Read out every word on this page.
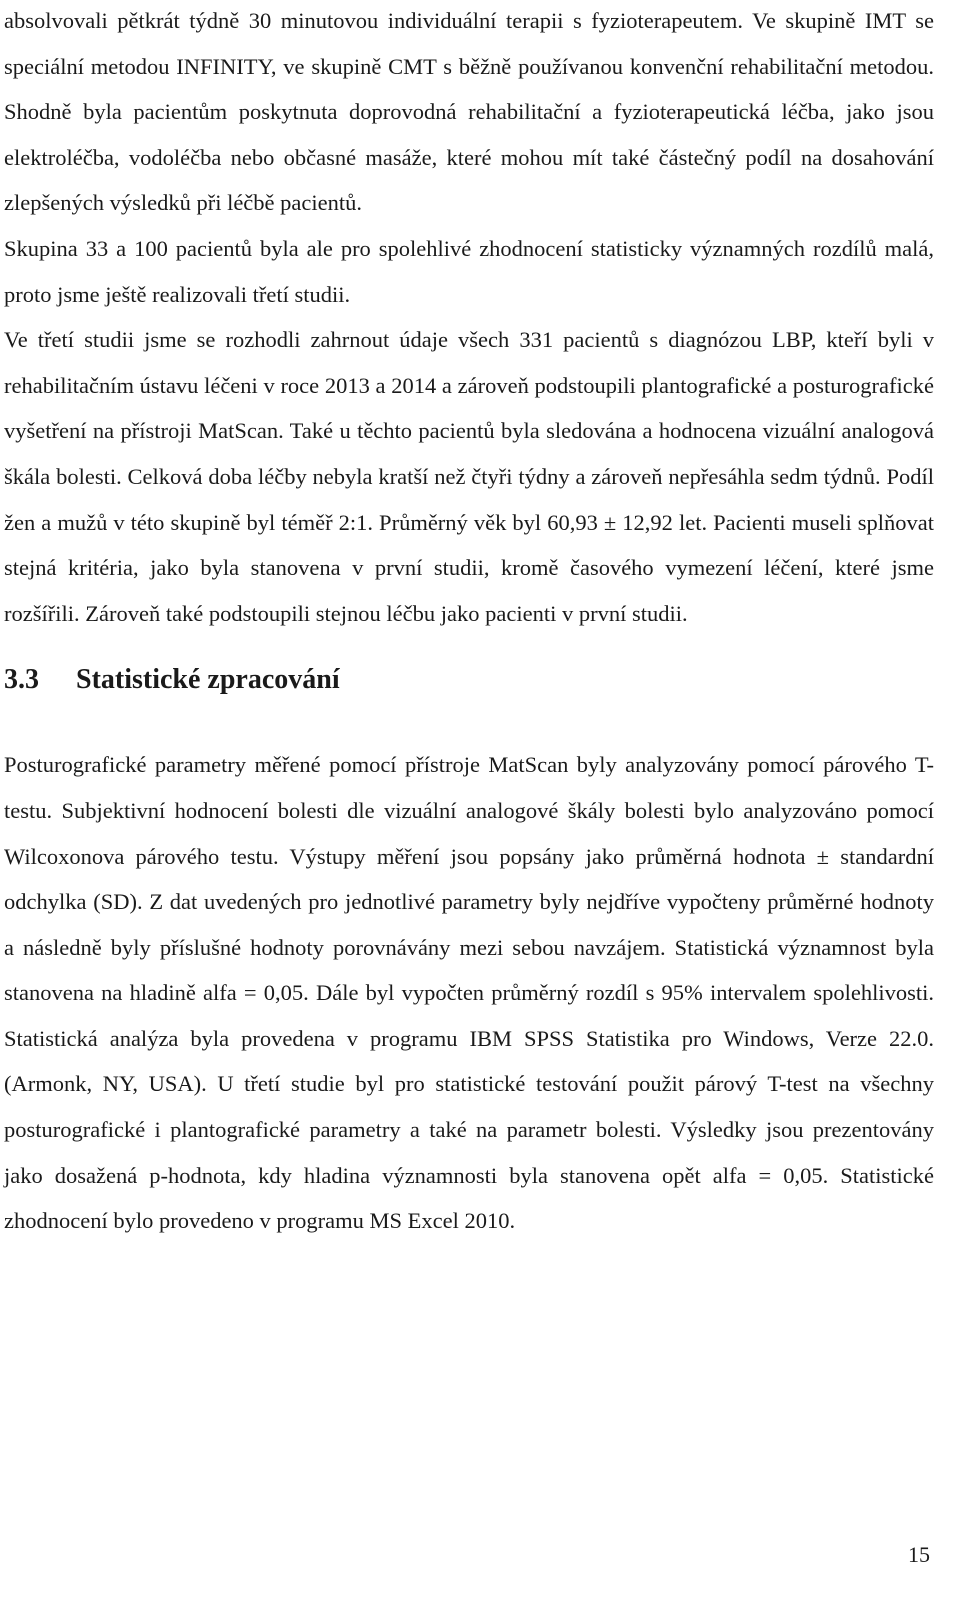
absolvovali pětkrát týdně 30 minutovou individuální terapii s fyzioterapeutem. Ve skupině IMT se speciální metodou INFINITY, ve skupině CMT s běžně používanou konvenční rehabilitační metodou. Shodně byla pacientům poskytnuta doprovodná rehabilitační a fyzioterapeutická léčba, jako jsou elektroléčba, vodoléčba nebo občasné masáže, které mohou mít také částečný podíl na dosahování zlepšených výsledků při léčbě pacientů.

Skupina 33 a 100 pacientů byla ale pro spolehlivé zhodnocení statisticky významných rozdílů malá, proto jsme ještě realizovali třetí studii.

Ve třetí studii jsme se rozhodli zahrnout údaje všech 331 pacientů s diagnózou LBP, kteří byli v rehabilitačním ústavu léčeni v roce 2013 a 2014 a zároveň podstoupili plantografické a posturografické vyšetření na přístroji MatScan. Také u těchto pacientů byla sledována a hodnocena vizuální analogová škála bolesti. Celková doba léčby nebyla kratší než čtyři týdny a zároveň nepřesáhla sedm týdnů. Podíl žen a mužů v této skupině byl téměř 2:1. Průměrný věk byl 60,93 ± 12,92 let. Pacienti museli splňovat stejná kritéria, jako byla stanovena v první studii, kromě časového vymezení léčení, které jsme rozšířili. Zároveň také podstoupili stejnou léčbu jako pacienti v první studii.

3.3	Statistické zpracování

Posturografické parametry měřené pomocí přístroje MatScan byly analyzovány pomocí párového T-testu. Subjektivní hodnocení bolesti dle vizuální analogové škály bolesti bylo analyzováno pomocí Wilcoxonova párového testu. Výstupy měření jsou popsány jako průměrná hodnota ± standardní odchylka (SD). Z dat uvedených pro jednotlivé parametry byly nejdříve vypočteny průměrné hodnoty a následně byly příslušné hodnoty porovnávány mezi sebou navzájem. Statistická významnost byla stanovena na hladině alfa = 0,05. Dále byl vypočten průměrný rozdíl s 95% intervalem spolehlivosti. Statistická analýza byla provedena v programu IBM SPSS Statistika pro Windows, Verze 22.0. (Armonk, NY, USA). U třetí studie byl pro statistické testování použit párový T-test na všechny posturografické i plantografické parametry a také na parametr bolesti. Výsledky jsou prezentovány jako dosažená p-hodnota, kdy hladina významnosti byla stanovena opět alfa = 0,05. Statistické zhodnocení bylo provedeno v programu MS Excel 2010.

15
